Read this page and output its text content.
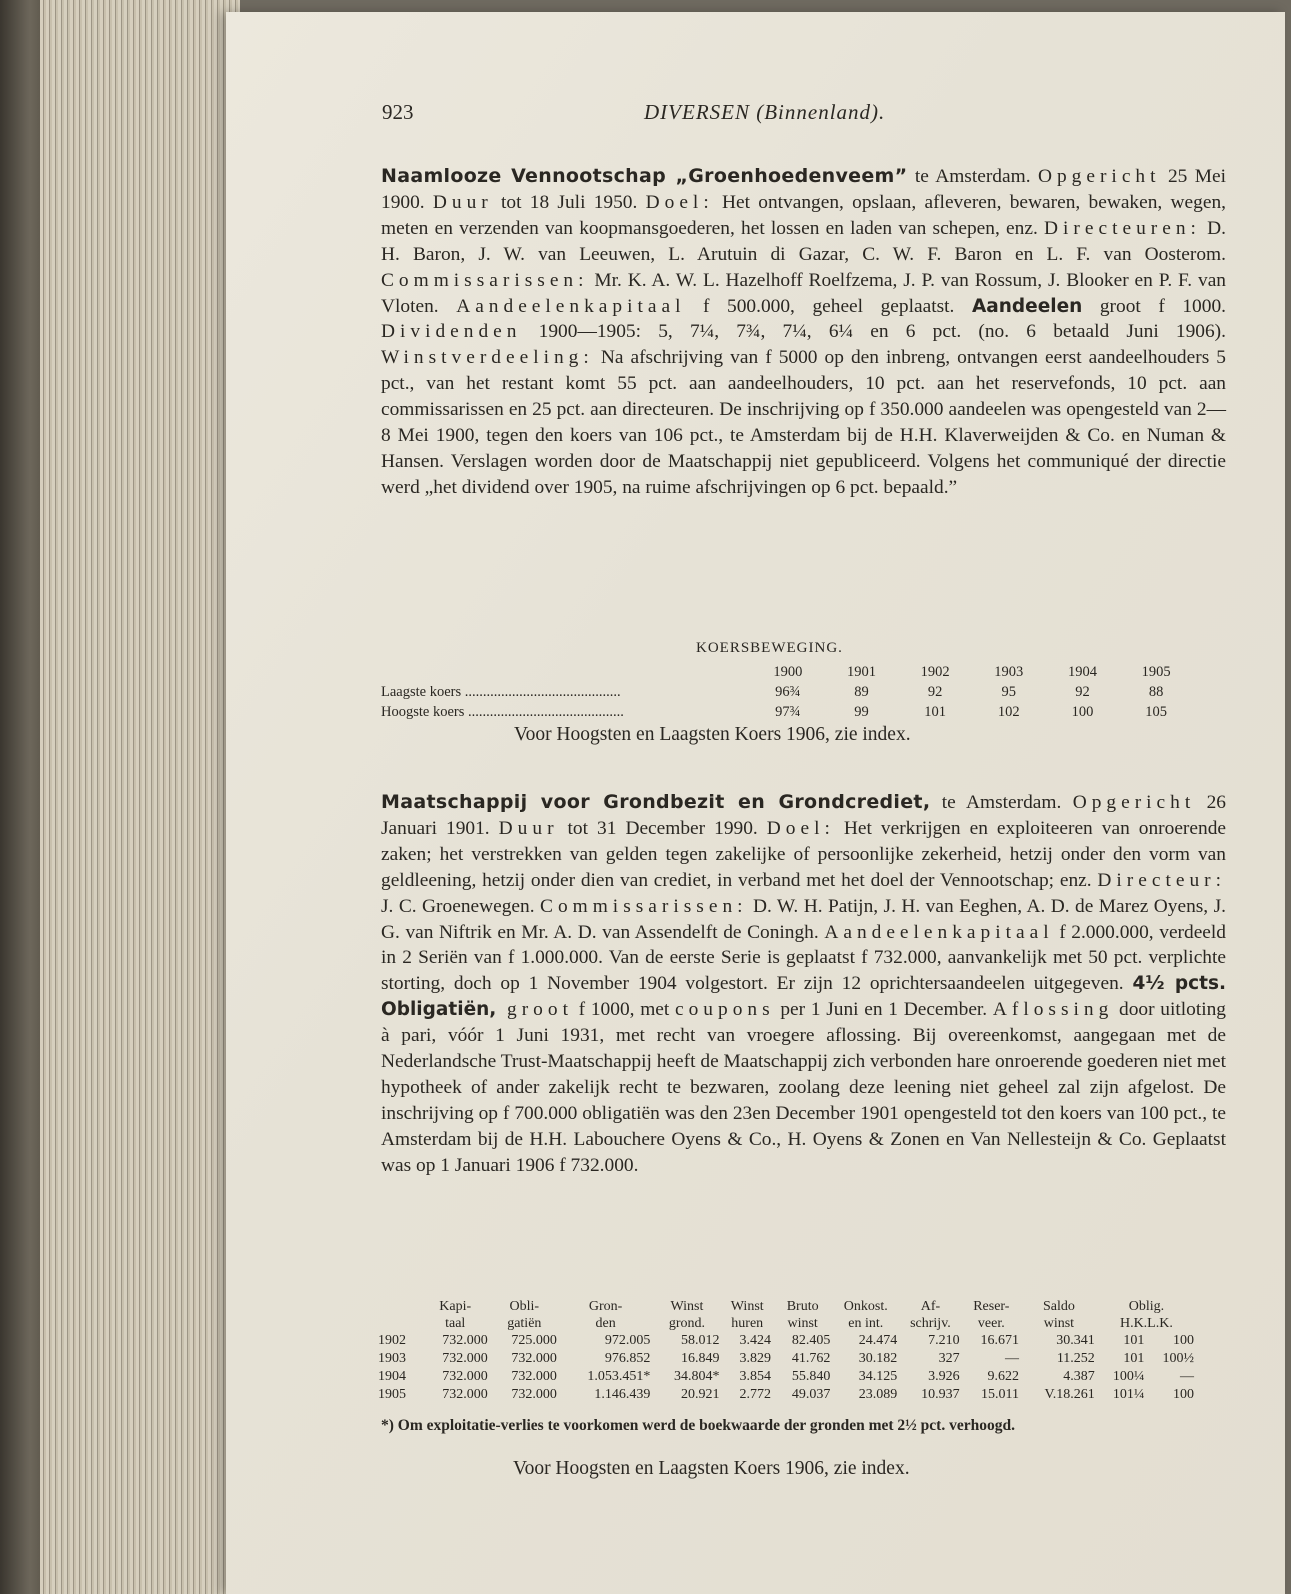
923	DIVERSEN (Binnenland).
Naamlooze Vennootschap „Groenhoedenveem” te Amsterdam. Opgericht 25 Mei 1900. Duur tot 18 Juli 1950. Doel: Het ontvangen, opslaan, afleveren, bewaren, bewaken, wegen, meten en verzenden van koopmansgoederen, het lossen en laden van schepen, enz. Directeuren: D. H. Baron, J. W. van Leeuwen, L. Arutuin di Gazar, C. W. F. Baron en L. F. van Oosterom. Commissarissen: Mr. K. A. W. L. Hazelhoff Roelfzema, J. P. van Rossum, J. Blooker en P. F. van Vloten. Aandeelenkapitaal f 500.000, geheel geplaatst. Aandeelen groot f 1000. Dividenden 1900—1905: 5, 7¼, 7¾, 7¼, 6¼ en 6 pct. (no. 6 betaald Juni 1906). Winstverdeeling: Na afschrijving van f 5000 op den inbreng, ontvangen eerst aandeelhouders 5 pct., van het restant komt 55 pct. aan aandeelhouders, 10 pct. aan het reservefonds, 10 pct. aan commissarissen en 25 pct. aan directeuren. De inschrijving op f 350.000 aandeelen was opengesteld van 2—8 Mei 1900, tegen den koers van 106 pct., te Amsterdam bij de H.H. Klaverweijden & Co. en Numan & Hansen. Verslagen worden door de Maatschappij niet gepubliceerd. Volgens het communiqué der directie werd „het dividend over 1905, na ruime afschrijvingen op 6 pct. bepaald.”
KOERSBEWEGING.
	1900	1901	1902	1903	1904	1905
Laagste koers ...........................................	96¾	89	92	95	92	88
Hoogste koers ...........................................	97¾	99	101	102	100	105
Voor Hoogsten en Laagsten Koers 1906, zie index.
Maatschappij voor Grondbezit en Grondcrediet, te Amsterdam. Opgericht 26 Januari 1901. Duur tot 31 December 1990. Doel: Het verkrijgen en exploiteeren van onroerende zaken; het verstrekken van gelden tegen zakelijke of persoonlijke zekerheid, hetzij onder den vorm van geldleening, hetzij onder dien van crediet, in verband met het doel der Vennootschap; enz. Directeur: J. C. Groenewegen. Commissarissen: D. W. H. Patijn, J. H. van Eeghen, A. D. de Marez Oyens, J. G. van Niftrik en Mr. A. D. van Assendelft de Coningh. Aandeelenkapitaal f 2.000.000, verdeeld in 2 Seriën van f 1.000.000. Van de eerste Serie is geplaatst f 732.000, aanvankelijk met 50 pct. verplichte storting, doch op 1 November 1904 volgestort. Er zijn 12 oprichtersaandeelen uitgegeven. 4½ pcts. Obligatiën, groot f 1000, met coupons per 1 Juni en 1 December. Aflossing door uitloting à pari, vóór 1 Juni 1931, met recht van vroegere aflossing. Bij overeenkomst, aangegaan met de Nederlandsche Trust-Maatschappij heeft de Maatschappij zich verbonden hare onroerende goederen niet met hypotheek of ander zakelijk recht te bezwaren, zoolang deze leening niet geheel zal zijn afgelost. De inschrijving op f 700.000 obligatiën was den 23en December 1901 opengesteld tot den koers van 100 pct., te Amsterdam bij de H.H. Labouchere Oyens & Co., H. Oyens & Zonen en Van Nellesteijn & Co. Geplaatst was op 1 Januari 1906 f 732.000.
	Kapi-	Obli-	Gron-	Winst	Winst	Bruto	Onkost.	Af-	Reser-	Saldo	Oblig.	
	taal	gatiën	den	grond.	huren	winst	en int.	schrijv.	veer.	winst	H.K.L.K.	
1902	732.000	725.000	972.005	58.012	3.424	82.405	24.474	7.210	16.671	30.341	101	100
1903	732.000	732.000	976.852	16.849	3.829	41.762	30.182	327	—	11.252	101	100½
1904	732.000	732.000	1.053.451*	34.804*	3.854	55.840	34.125	3.926	9.622	4.387	100¼	—
1905	732.000	732.000	1.146.439	20.921	2.772	49.037	23.089	10.937	15.011	V.18.261	101¼	100
*) Om exploitatie-verlies te voorkomen werd de boekwaarde der gronden met 2½ pct. verhoogd.
Voor Hoogsten en Laagsten Koers 1906, zie index.
